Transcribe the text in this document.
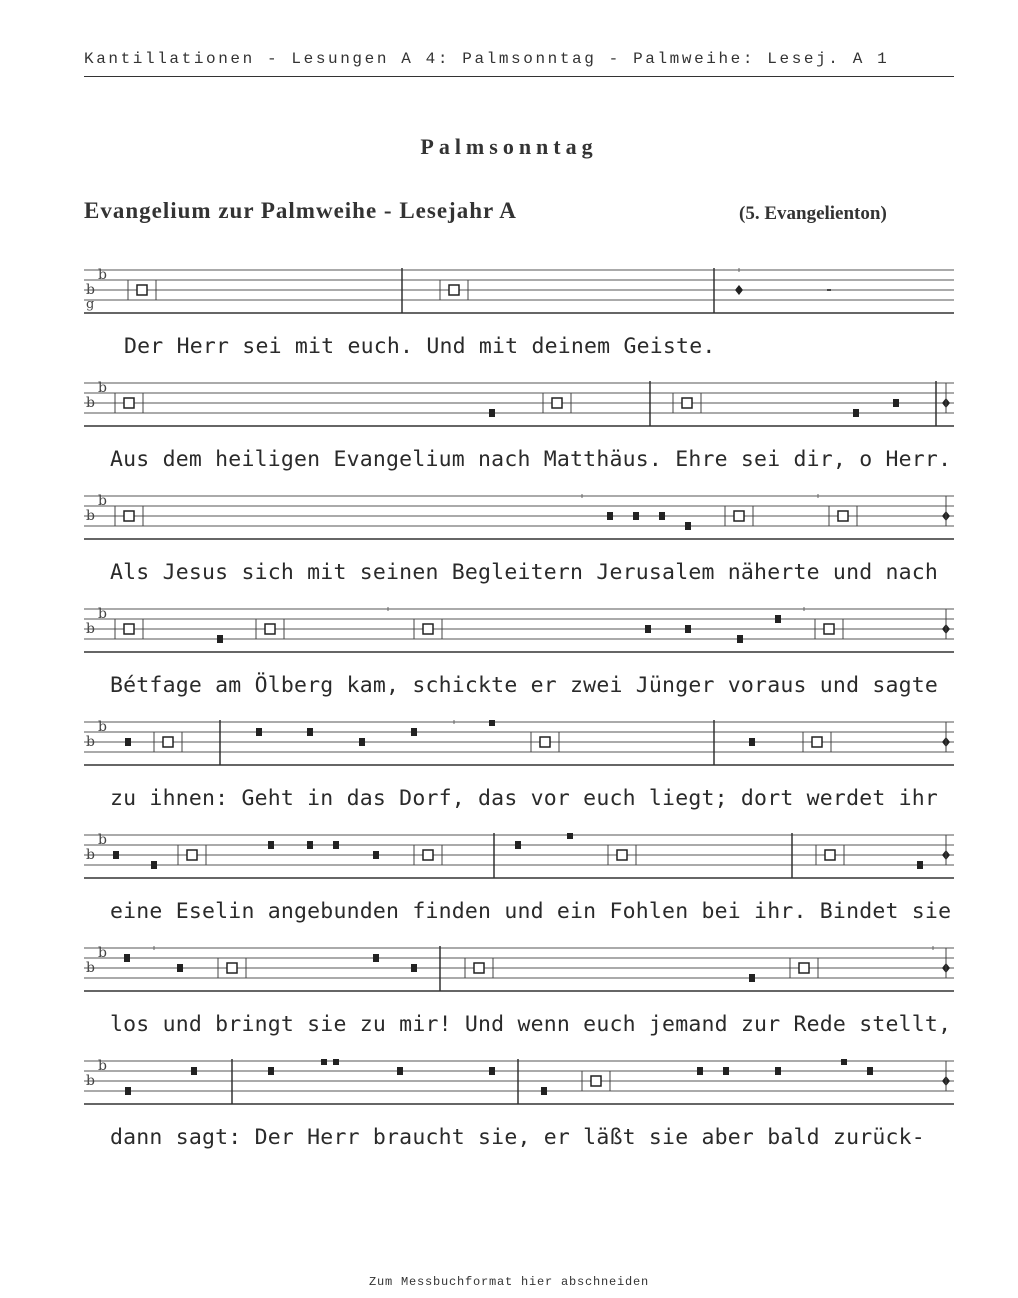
Kantillationen - Lesungen A 4: Palmsonntag - Palmweihe: Lesej. A 1
Palmsonntag
Evangelium zur Palmweihe - Lesejahr A	(5. Evangelienton)
b
b
g
Der Herr sei mit euch. Und mit deinem Geiste.
b
b
Aus dem heiligen Evangelium nach Matthäus. Ehre sei dir, o Herr.
b
b
Als Jesus sich mit seinen Begleitern Jerusalem näherte und nach
b
b
Bétfage am Ölberg kam, schickte er zwei Jünger voraus und sagte
b
b
zu ihnen: Geht in das Dorf, das vor euch liegt; dort werdet ihr
b
b
eine Eselin angebunden finden und ein Fohlen bei ihr. Bindet sie
b
b
los und bringt sie zu mir! Und wenn euch jemand zur Rede stellt,
b
b
dann sagt: Der Herr braucht sie, er läßt sie aber bald zurück-
Zum Messbuchformat hier abschneiden
